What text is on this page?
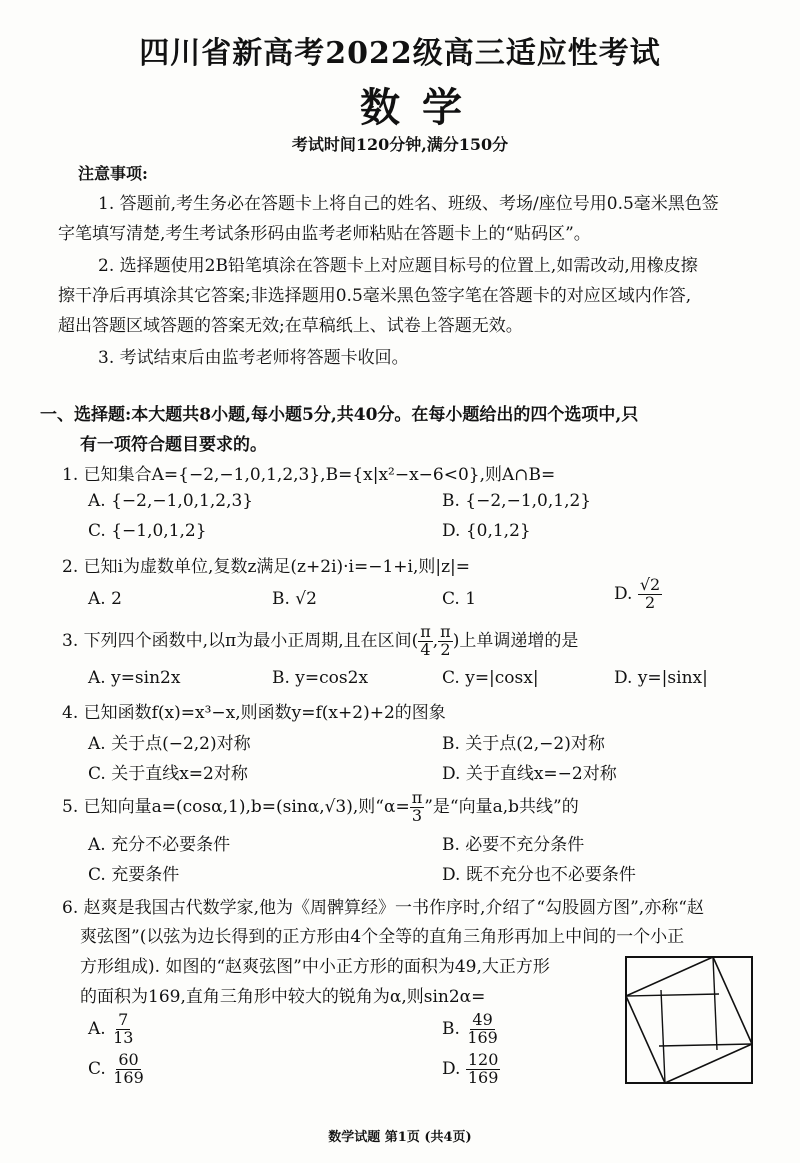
四川省新高考2022级高三适应性考试
数学
考试时间120分钟,满分150分
注意事项:
1. 答题前,考生务必在答题卡上将自己的姓名、班级、考场/座位号用0.5毫米黑色签
字笔填写清楚,考生考试条形码由监考老师粘贴在答题卡上的“贴码区”。
2. 选择题使用2B铅笔填涂在答题卡上对应题目标号的位置上,如需改动,用橡皮擦
擦干净后再填涂其它答案;非选择题用0.5毫米黑色签字笔在答题卡的对应区域内作答,
超出答题区域答题的答案无效;在草稿纸上、试卷上答题无效。
3. 考试结束后由监考老师将答题卡收回。
一、选择题:本大题共8小题,每小题5分,共40分。在每小题给出的四个选项中,只
有一项符合题目要求的。
1. 已知集合A={−2,−1,0,1,2,3},B={x|x²−x−6<0},则A∩B=
A. {−2,−1,0,1,2,3}	B. {−2,−1,0,1,2}
C. {−1,0,1,2}	D. {0,1,2}
2. 已知i为虚数单位,复数z满足(z+2i)·i=−1+i,则|z|=
A. 2	B. √2	C. 1	D. $\frac{√2}{2}$
3. 下列四个函数中,以π为最小正周期,且在区间( $\frac{\pi}{4}$ , $\frac{\pi}{2}$ )上单调递增的是
A. y=sin2x	B. y=cos2x	C. y=|cosx|	D. y=|sinx|
4. 已知函数f(x)=x³−x,则函数y=f(x+2)+2的图象
A. 关于点(−2,2)对称	B. 关于点(2,−2)对称
C. 关于直线x=2对称	D. 关于直线x=−2对称
5. 已知向量a=(cosα,1),b=(sinα,√3),则“$\alpha= \frac{\pi}{3}$ ”是“向量a,b共线”的
A. 充分不必要条件	B. 必要不充分条件
C. 充要条件	D. 既不充分也不必要条件
6. 赵爽是我国古代数学家,他为《周髀算经》一书作序时,介绍了“勾股圆方图”,亦称“赵
爽弦图”(以弦为边长得到的正方形由4个全等的直角三角形再加上中间的一个小正
方形组成). 如图的“赵爽弦图”中小正方形的面积为49,大正方形
的面积为169,直角三角形中较大的锐角为α,则sin2α=
A. $\frac{7}{13}$	B. $\frac{49}{169}$
C. $\frac{60}{169}$	D. $\frac{120}{169}$
数学试题 第1页 (共4页)
